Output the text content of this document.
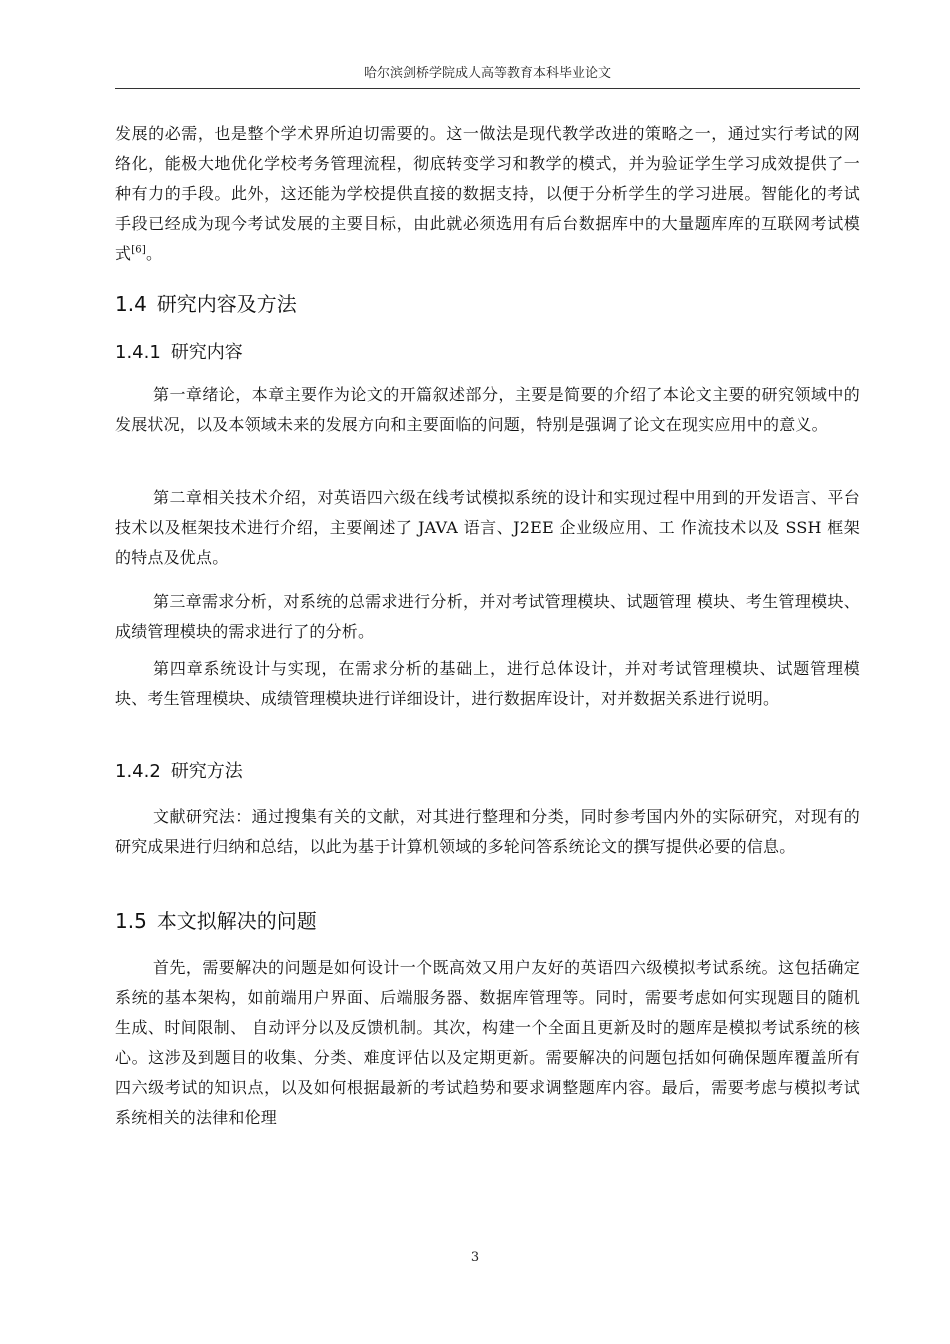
哈尔滨剑桥学院成人高等教育本科毕业论文
发展的必需，也是整个学术界所迫切需要的。这一做法是现代教学改进的策略之一，通过实行考试的网络化，能极大地优化学校考务管理流程，彻底转变学习和教学的模式，并为验证学生学习成效提供了一种有力的手段。此外，这还能为学校提供直接的数据支持，以便于分析学生的学习进展。智能化的考试手段已经成为现今考试发展的主要目标，由此就必须选用有后台数据库中的大量题库库的互联网考试模式[6]。
1.4 研究内容及方法
1.4.1 研究内容
第一章绪论，本章主要作为论文的开篇叙述部分，主要是简要的介绍了本论文主要的研究领域中的发展状况，以及本领域未来的发展方向和主要面临的问题，特别是强调了论文在现实应用中的意义。
第二章相关技术介绍，对英语四六级在线考试模拟系统的设计和实现过程中用到的开发语言、平台技术以及框架技术进行介绍，主要阐述了 JAVA 语言、J2EE 企业级应用、工 作流技术以及 SSH 框架的特点及优点。
第三章需求分析，对系统的总需求进行分析，并对考试管理模块、试题管理 模块、考生管理模块、成绩管理模块的需求进行了的分析。
第四章系统设计与实现，在需求分析的基础上，进行总体设计，并对考试管理模块、试题管理模块、考生管理模块、成绩管理模块进行详细设计，进行数据库设计，对并数据关系进行说明。
1.4.2 研究方法
文献研究法：通过搜集有关的文献，对其进行整理和分类，同时参考国内外的实际研究，对现有的研究成果进行归纳和总结，以此为基于计算机领域的多轮问答系统论文的撰写提供必要的信息。
1.5 本文拟解决的问题
首先，需要解决的问题是如何设计一个既高效又用户友好的英语四六级模拟考试系统。这包括确定系统的基本架构，如前端用户界面、后端服务器、数据库管理等。同时，需要考虑如何实现题目的随机生成、时间限制、 自动评分以及反馈机制。其次，构建一个全面且更新及时的题库是模拟考试系统的核心。这涉及到题目的收集、分类、难度评估以及定期更新。需要解决的问题包括如何确保题库覆盖所有四六级考试的知识点，以及如何根据最新的考试趋势和要求调整题库内容。最后，需要考虑与模拟考试系统相关的法律和伦理
3
